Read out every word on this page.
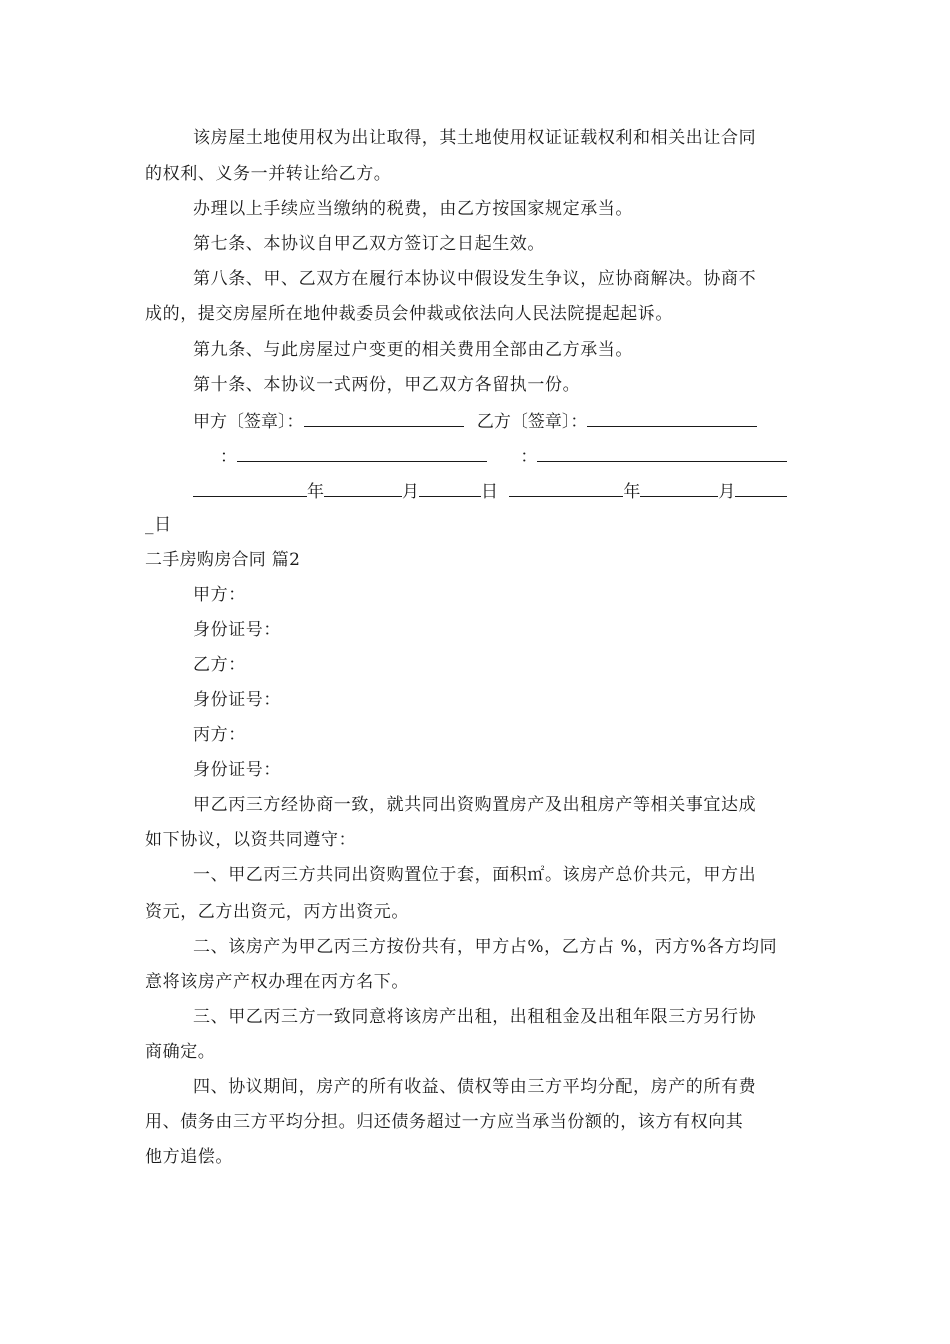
该房屋土地使用权为出让取得，其土地使用权证证载权利和相关出让合同
的权利、义务一并转让给乙方。
办理以上手续应当缴纳的税费，由乙方按国家规定承当。
第七条、本协议自甲乙双方签订之日起生效。
第八条、甲、乙双方在履行本协议中假设发生争议，应协商解决。协商不
成的，提交房屋所在地仲裁委员会仲裁或依法向人民法院提起起诉。
第九条、与此房屋过户变更的相关费用全部由乙方承当。
第十条、本协议一式两份，甲乙双方各留执一份。
甲方〔签章〕：	乙方〔签章〕：
：	：
年	月	日	年	月
_日
二手房购房合同 篇2
甲方：
身份证号：
乙方：
身份证号：
丙方：
身份证号：
甲乙丙三方经协商一致，就共同出资购置房产及出租房产等相关事宜达成
如下协议，以资共同遵守：
一、甲乙丙三方共同出资购置位于套，面积㎡。该房产总价共元，甲方出
资元，乙方出资元，丙方出资元。
二、该房产为甲乙丙三方按份共有，甲方占%，乙方占 %，丙方%各方均同
意将该房产产权办理在丙方名下。
三、甲乙丙三方一致同意将该房产出租，出租租金及出租年限三方另行协
商确定。
四、协议期间，房产的所有收益、债权等由三方平均分配，房产的所有费
用、债务由三方平均分担。归还债务超过一方应当承当份额的，该方有权向其
他方追偿。
